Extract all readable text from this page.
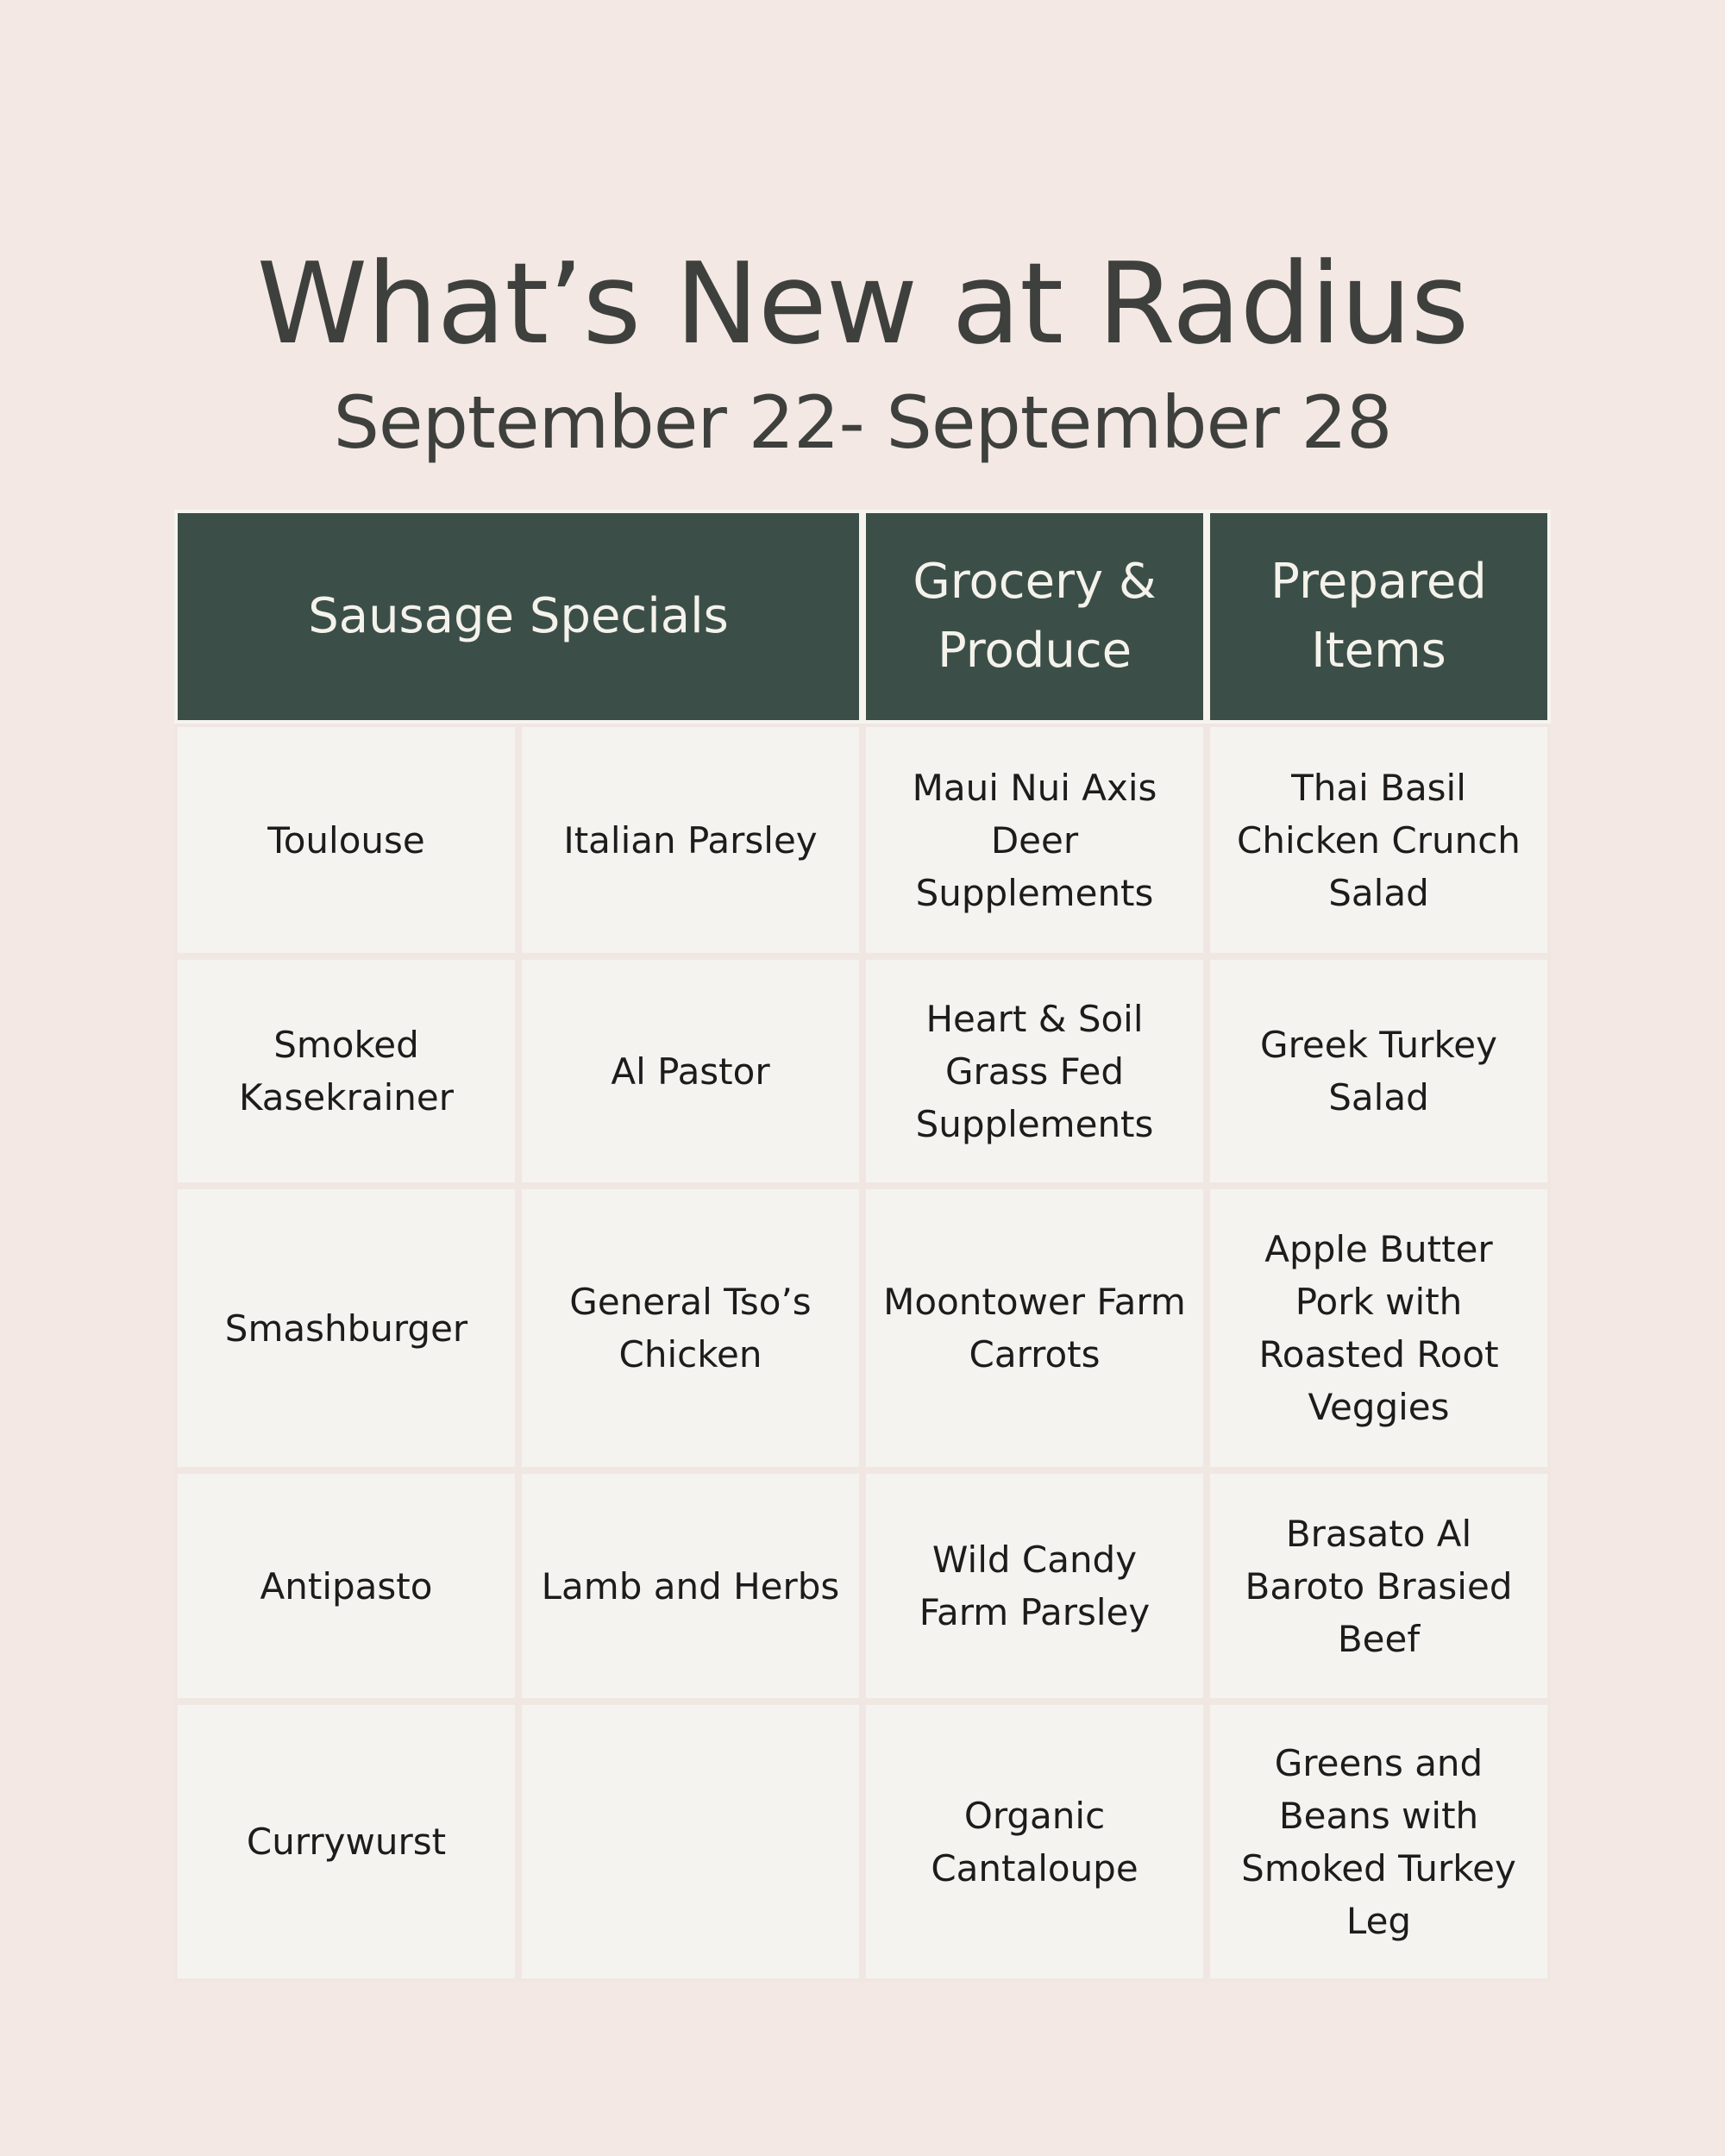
What’s New at Radius
September 22- September 28
Sausage Specials		Grocery & Produce	Prepared Items
Toulouse	Italian Parsley	Maui Nui Axis Deer Supplements	Thai Basil Chicken Crunch Salad
Smoked Kasekrainer	Al Pastor	Heart & Soil Grass Fed Supplements	Greek Turkey Salad
Smashburger	General Tso’s Chicken	Moontower Farm Carrots	Apple Butter Pork with Roasted Root Veggies
Antipasto	Lamb and Herbs	Wild Candy Farm Parsley	Brasato Al Baroto Brasied Beef
Currywurst		Organic Cantaloupe	Greens and Beans with Smoked Turkey Leg
